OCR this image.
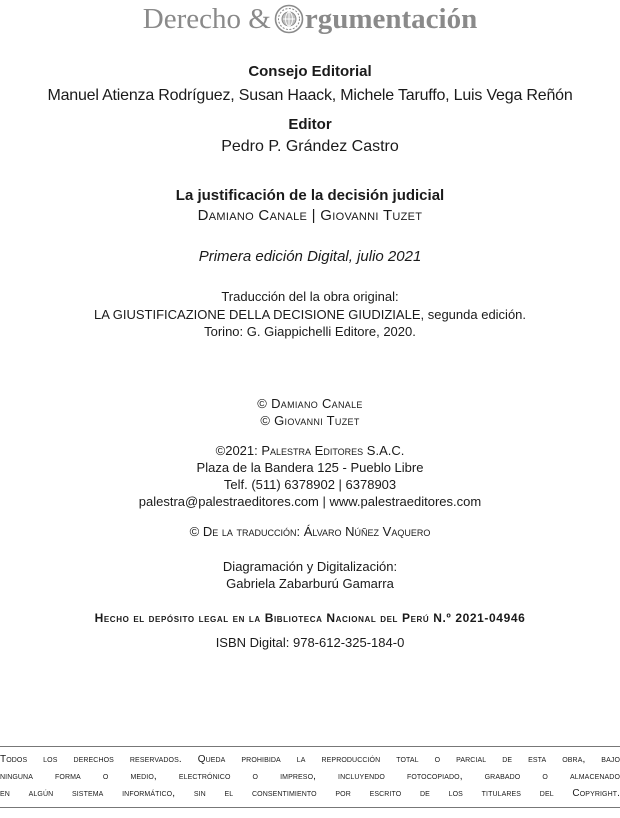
Derecho & rgumentación
Consejo Editorial
Manuel Atienza Rodríguez, Susan Haack, Michele Taruffo, Luis Vega Reñón
Editor
Pedro P. Grández Castro
La justificación de la decisión judicial
Damiano Canale | Giovanni Tuzet
Primera edición Digital, julio 2021
Traducción del la obra original:
LA GIUSTIFICAZIONE DELLA DECISIONE GIUDIZIALE, segunda edición.
Torino: G. Giappichelli Editore, 2020.
© Damiano Canale
© Giovanni Tuzet
©2021: Palestra Editores S.A.C.
Plaza de la Bandera 125 - Pueblo Libre
Telf. (511) 6378902 | 6378903
palestra@palestraeditores.com | www.palestraeditores.com
© De la traducción: Álvaro Núñez Vaquero
Diagramación y Digitalización:
Gabriela Zabarburú Gamarra
Hecho el depósito legal en la Biblioteca Nacional del Perú N.º 2021-04946
ISBN Digital: 978-612-325-184-0
Todos los derechos reservados. Queda prohibida la reproducción total o parcial de esta obra, bajo
ninguna forma o medio, electrónico o impreso, incluyendo fotocopiado, grabado o almacenado
en algún sistema informático, sin el consentimiento por escrito de los titulares del Copyright.
